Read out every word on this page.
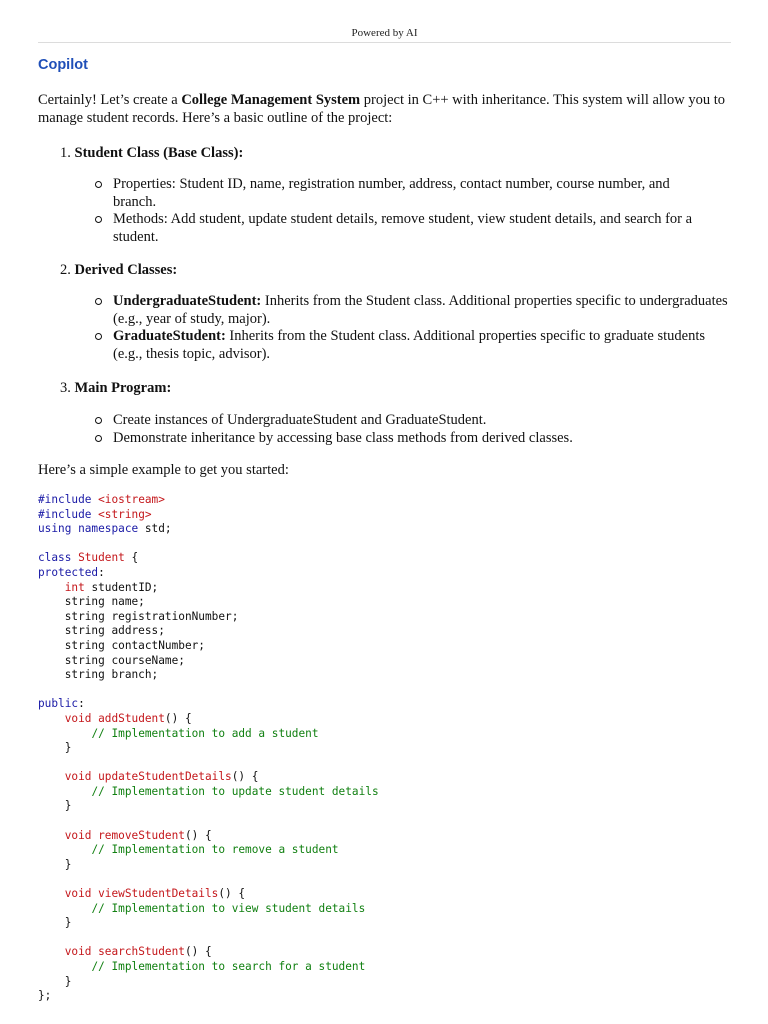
Powered by AI
Copilot
Certainly! Let’s create a College Management System project in C++ with inheritance. This system will allow you to manage student records. Here’s a basic outline of the project:
1. Student Class (Base Class):
Properties: Student ID, name, registration number, address, contact number, course number, and branch.
Methods: Add student, update student details, remove student, view student details, and search for a student.
2. Derived Classes:
UndergraduateStudent: Inherits from the Student class. Additional properties specific to undergraduates (e.g., year of study, major).
GraduateStudent: Inherits from the Student class. Additional properties specific to graduate students (e.g., thesis topic, advisor).
3. Main Program:
Create instances of UndergraduateStudent and GraduateStudent.
Demonstrate inheritance by accessing base class methods from derived classes.
Here’s a simple example to get you started:
#include <iostream>
#include <string>
using namespace std;

class Student {
protected:
int studentID;
string name;
string registrationNumber;
string address;
string contactNumber;
string courseName;
string branch;

public:
void addStudent() {
// Implementation to add a student
}

void updateStudentDetails() {
// Implementation to update student details
}

void removeStudent() {
// Implementation to remove a student
}

void viewStudentDetails() {
// Implementation to view student details
}

void searchStudent() {
// Implementation to search for a student
}
};
